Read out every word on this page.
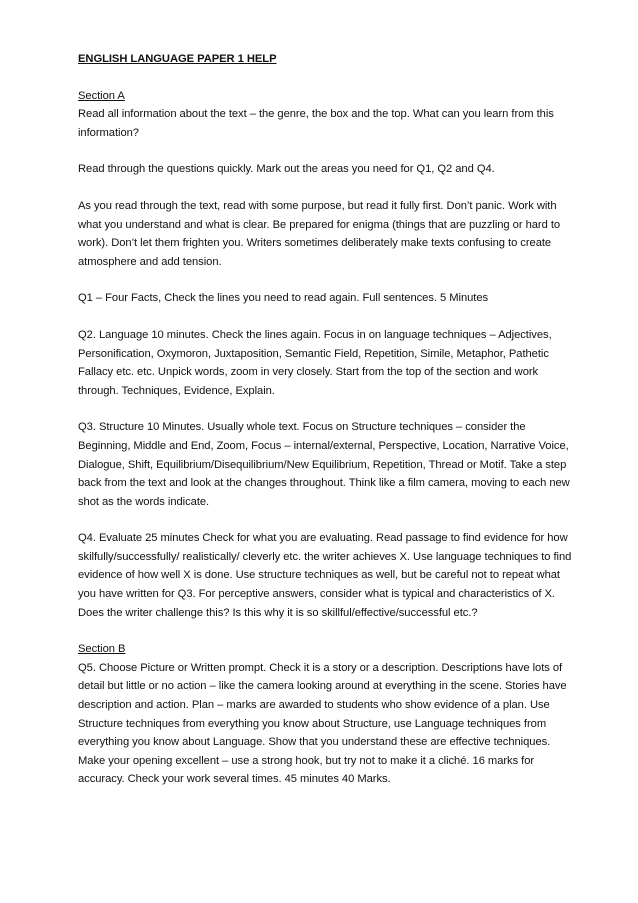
ENGLISH LANGUAGE PAPER 1 HELP

Section A

Read all information about the text – the genre, the box and the top. What can you learn from this information?

Read through the questions quickly. Mark out the areas you need for Q1, Q2 and Q4.

As you read through the text, read with some purpose, but read it fully first. Don’t panic. Work with what you understand and what is clear. Be prepared for enigma (things that are puzzling or hard to work). Don’t let them frighten you. Writers sometimes deliberately make texts confusing to create atmosphere and add tension.

Q1 – Four Facts, Check the lines you need to read again. Full sentences. 5 Minutes

Q2. Language 10 minutes. Check the lines again. Focus in on language techniques – Adjectives, Personification, Oxymoron, Juxtaposition, Semantic Field, Repetition, Simile, Metaphor, Pathetic Fallacy etc. etc. Unpick words, zoom in very closely. Start from the top of the section and work through. Techniques, Evidence, Explain.

Q3. Structure 10 Minutes. Usually whole text. Focus on Structure techniques – consider the Beginning, Middle and End, Zoom, Focus – internal/external, Perspective, Location, Narrative Voice, Dialogue, Shift, Equilibrium/Disequilibrium/New Equilibrium, Repetition, Thread or Motif. Take a step back from the text and look at the changes throughout. Think like a film camera, moving to each new shot as the words indicate.

Q4. Evaluate 25 minutes Check for what you are evaluating. Read passage to find evidence for how skilfully/successfully/ realistically/ cleverly etc. the writer achieves X. Use language techniques to find evidence of how well X is done. Use structure techniques as well, but be careful not to repeat what you have written for Q3. For perceptive answers, consider what is typical and characteristics of X. Does the writer challenge this? Is this why it is so skillful/effective/successful etc.?

Section B

Q5. Choose Picture or Written prompt. Check it is a story or a description. Descriptions have lots of detail but little or no action – like the camera looking around at everything in the scene. Stories have description and action. Plan – marks are awarded to students who show evidence of a plan. Use Structure techniques from everything you know about Structure, use Language techniques from everything you know about Language. Show that you understand these are effective techniques. Make your opening excellent – use a strong hook, but try not to make it a cliché. 16 marks for accuracy. Check your work several times. 45 minutes 40 Marks.
